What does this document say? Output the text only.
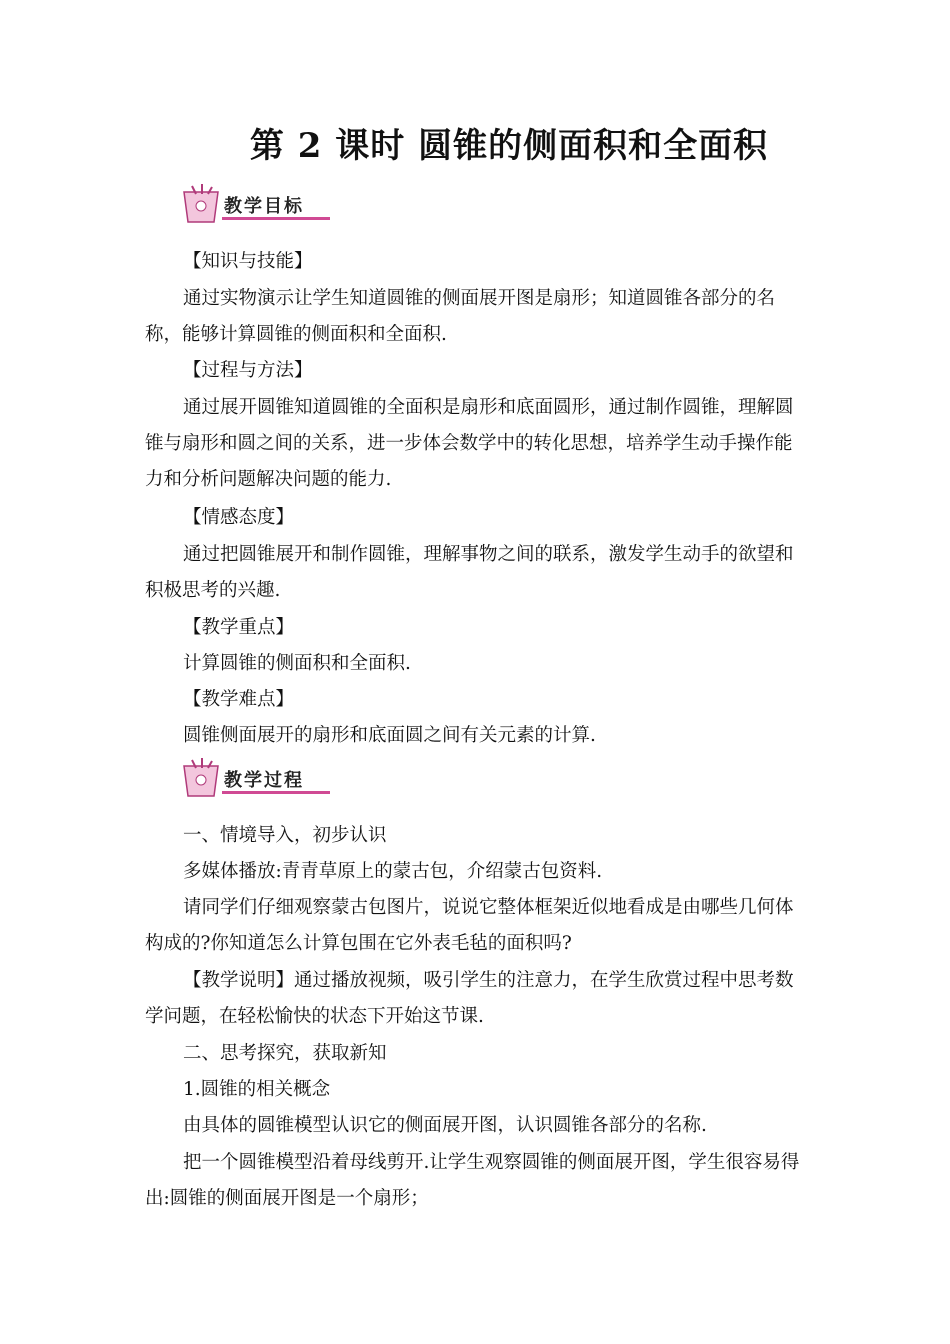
第 2 课时 圆锥的侧面积和全面积
教学目标
【知识与技能】
通过实物演示让学生知道圆锥的侧面展开图是扇形；知道圆锥各部分的名称，能够计算圆锥的侧面积和全面积.
【过程与方法】
通过展开圆锥知道圆锥的全面积是扇形和底面圆形，通过制作圆锥，理解圆锥与扇形和圆之间的关系，进一步体会数学中的转化思想，培养学生动手操作能力和分析问题解决问题的能力.
【情感态度】
通过把圆锥展开和制作圆锥，理解事物之间的联系，激发学生动手的欲望和积极思考的兴趣.
【教学重点】
计算圆锥的侧面积和全面积.
【教学难点】
圆锥侧面展开的扇形和底面圆之间有关元素的计算.
教学过程
一、情境导入，初步认识
多媒体播放:青青草原上的蒙古包，介绍蒙古包资料.
请同学们仔细观察蒙古包图片，说说它整体框架近似地看成是由哪些几何体构成的?你知道怎么计算包围在它外表毛毡的面积吗?
【教学说明】通过播放视频，吸引学生的注意力，在学生欣赏过程中思考数学问题，在轻松愉快的状态下开始这节课.
二、思考探究，获取新知
1.圆锥的相关概念
由具体的圆锥模型认识它的侧面展开图，认识圆锥各部分的名称.
把一个圆锥模型沿着母线剪开.让学生观察圆锥的侧面展开图，学生很容易得出:圆锥的侧面展开图是一个扇形；
